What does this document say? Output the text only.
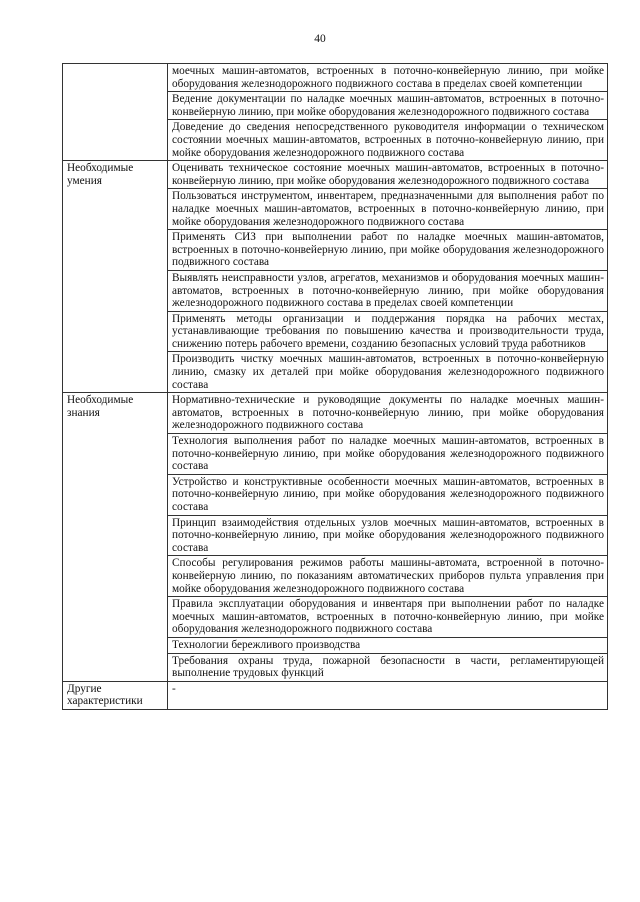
40
	моечных машин-автоматов, встроенных в поточно-конвейерную линию, при мойке оборудования железнодорожного подвижного состава в пределах своей компетенции
	Ведение документации по наладке моечных машин-автоматов, встроенных в поточно-конвейерную линию, при мойке оборудования железнодорожного подвижного состава
	Доведение до сведения непосредственного руководителя информации о техническом состоянии моечных машин-автоматов, встроенных в поточно-конвейерную линию, при мойке оборудования железнодорожного подвижного состава
Необходимые умения	Оценивать техническое состояние моечных машин-автоматов, встроенных в поточно-конвейерную линию, при мойке оборудования железнодорожного подвижного состава
	Пользоваться инструментом, инвентарем, предназначенными для выполнения работ по наладке моечных машин-автоматов, встроенных в поточно-конвейерную линию, при мойке оборудования железнодорожного подвижного состава
	Применять СИЗ при выполнении работ по наладке моечных машин-автоматов, встроенных в поточно-конвейерную линию, при мойке оборудования железнодорожного подвижного состава
	Выявлять неисправности узлов, агрегатов, механизмов и оборудования моечных машин-автоматов, встроенных в поточно-конвейерную линию, при мойке оборудования железнодорожного подвижного состава в пределах своей компетенции
	Применять методы организации и поддержания порядка на рабочих местах, устанавливающие требования по повышению качества и производительности труда, снижению потерь рабочего времени, созданию безопасных условий труда работников
	Производить чистку моечных машин-автоматов, встроенных в поточно-конвейерную линию, смазку их деталей при мойке оборудования железнодорожного подвижного состава
Необходимые знания	Нормативно-технические и руководящие документы по наладке моечных машин-автоматов, встроенных в поточно-конвейерную линию, при мойке оборудования железнодорожного подвижного состава
	Технология выполнения работ по наладке моечных машин-автоматов, встроенных в поточно-конвейерную линию, при мойке оборудования железнодорожного подвижного состава
	Устройство и конструктивные особенности моечных машин-автоматов, встроенных в поточно-конвейерную линию, при мойке оборудования железнодорожного подвижного состава
	Принцип взаимодействия отдельных узлов моечных машин-автоматов, встроенных в поточно-конвейерную линию, при мойке оборудования железнодорожного подвижного состава
	Способы регулирования режимов работы машины-автомата, встроенной в поточно-конвейерную линию, по показаниям автоматических приборов пульта управления при мойке оборудования железнодорожного подвижного состава
	Правила эксплуатации оборудования и инвентаря при выполнении работ по наладке моечных машин-автоматов, встроенных в поточно-конвейерную линию, при мойке оборудования железнодорожного подвижного состава
	Технологии бережливого производства
	Требования охраны труда, пожарной безопасности в части, регламентирующей выполнение трудовых функций
Другие характеристики	-
